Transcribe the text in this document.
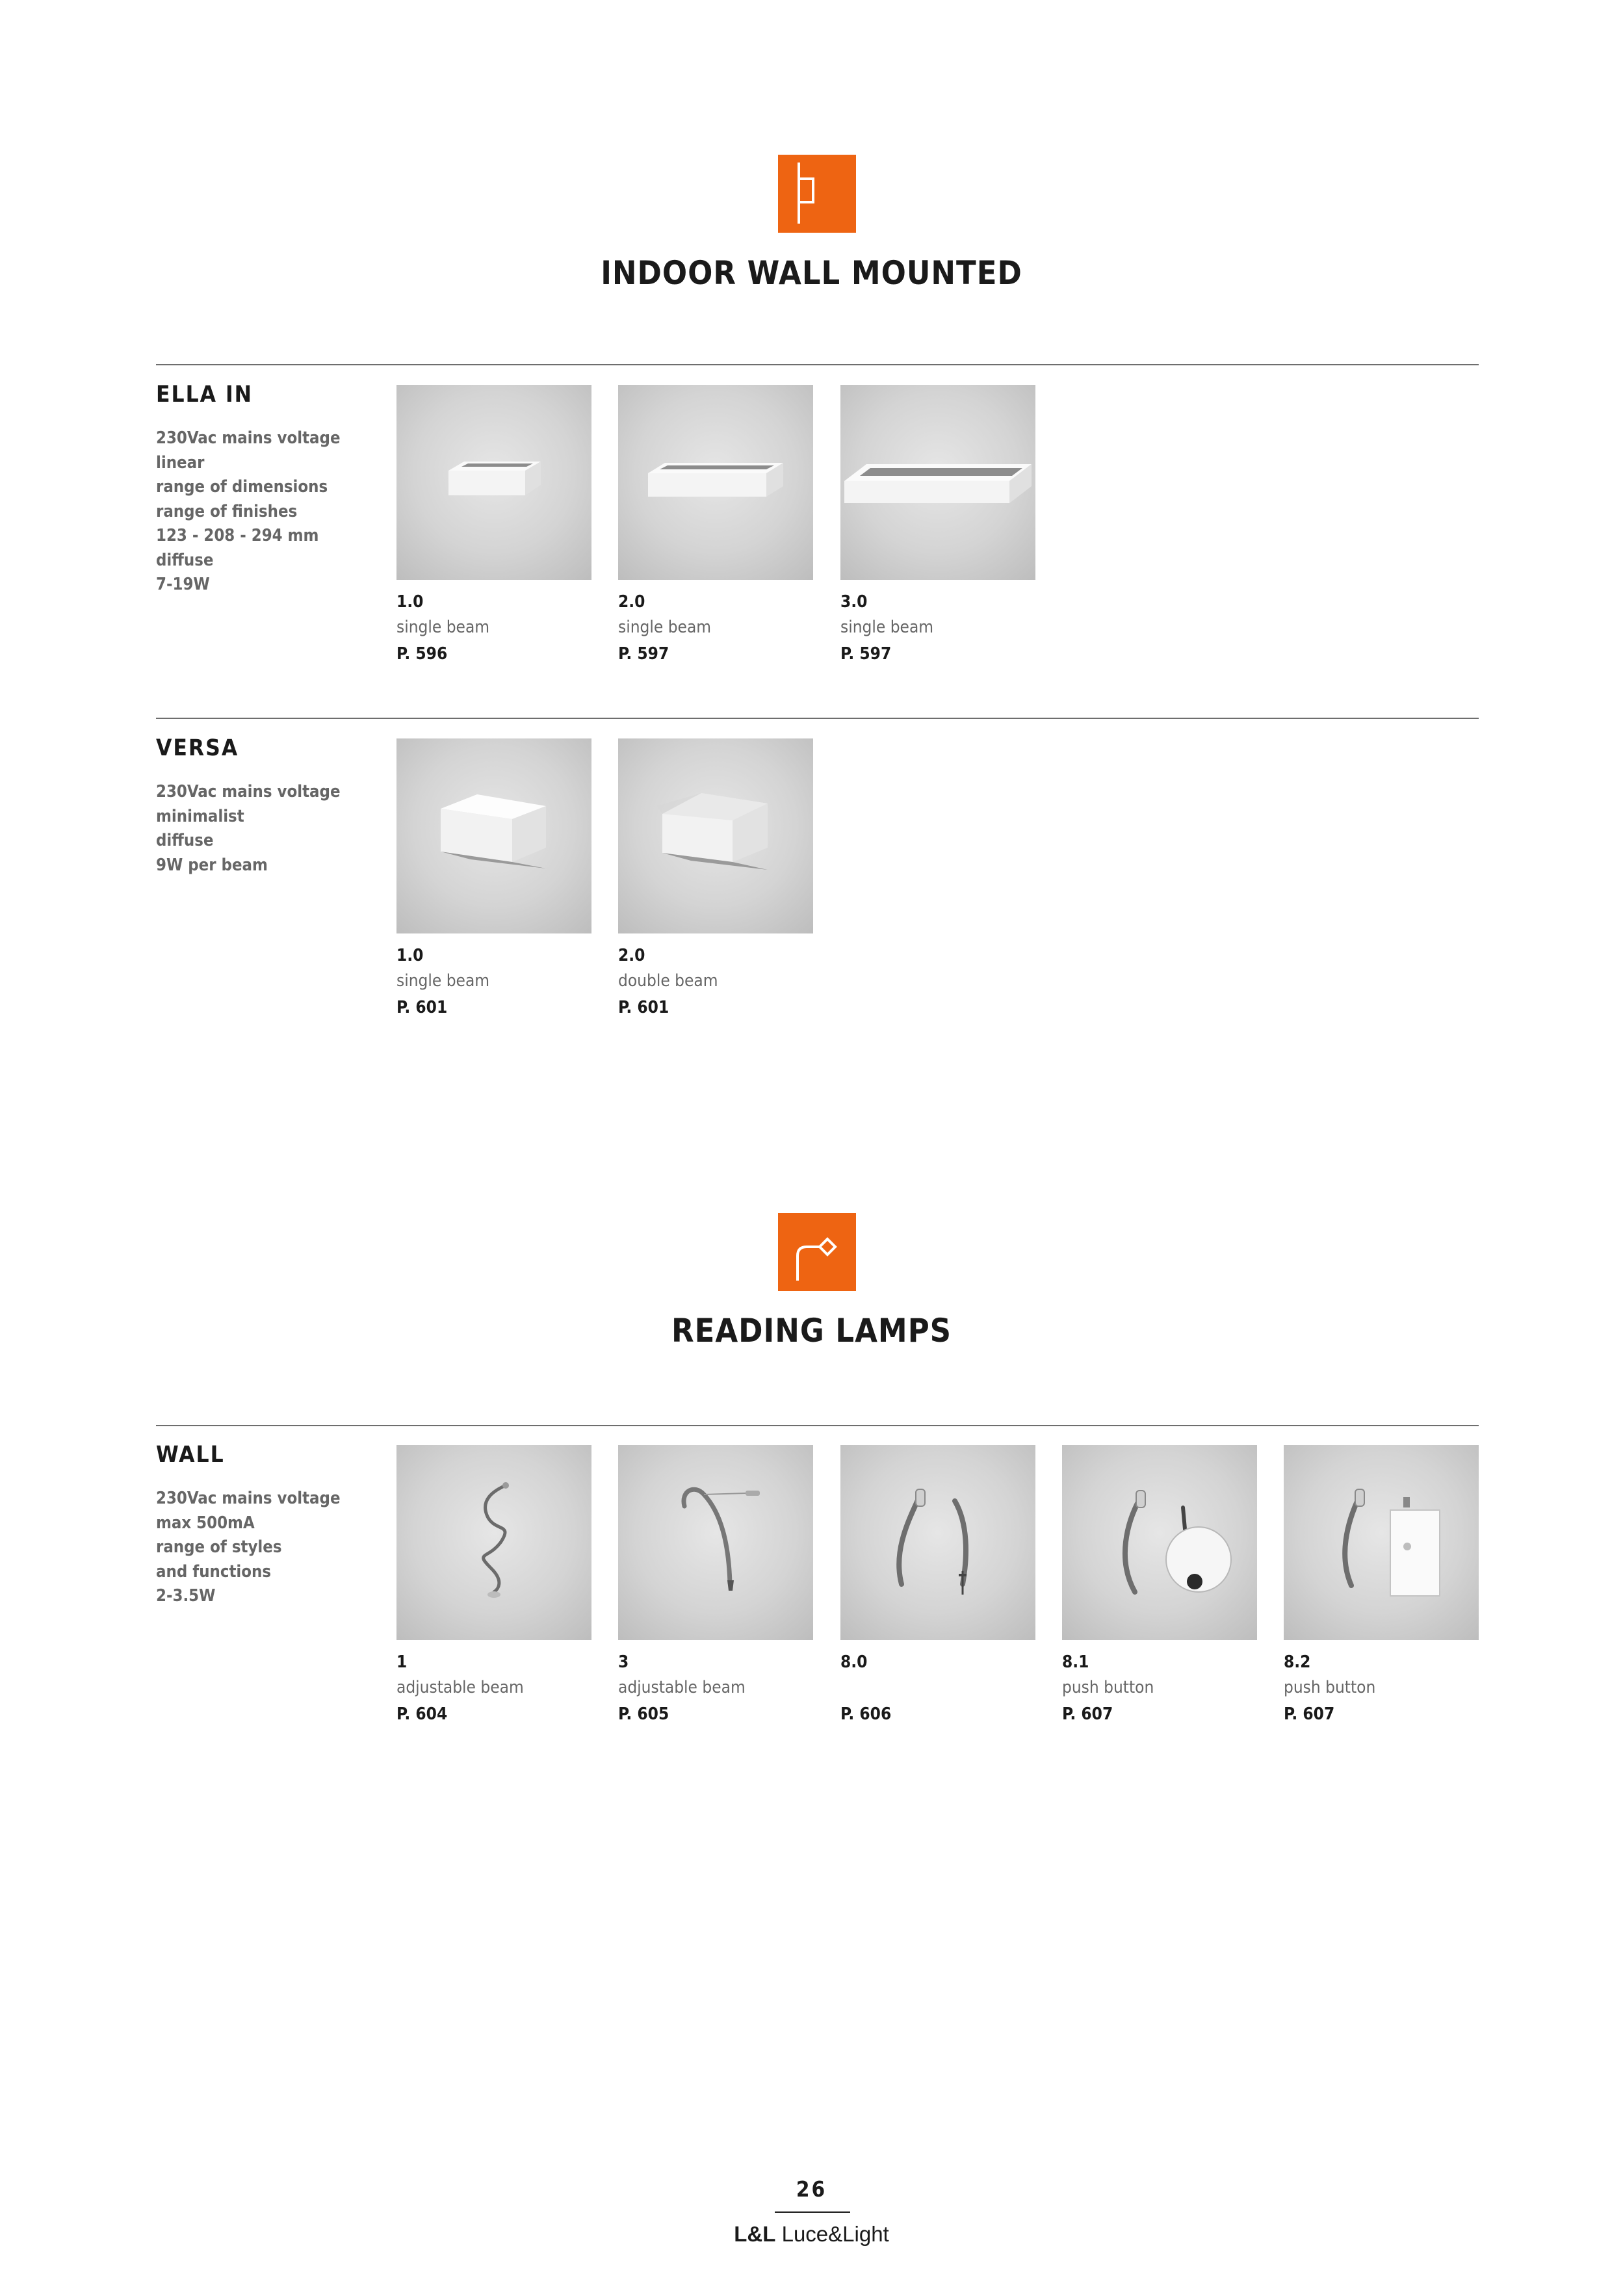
INDOOR WALL MOUNTED
ELLA IN
230Vac mains voltage
linear
range of dimensions
range of finishes
123 - 208 - 294 mm
diffuse
7-19W
1.0
single beam
P. 596
2.0
single beam
P. 597
3.0
single beam
P. 597
VERSA
230Vac mains voltage
minimalist
diffuse
9W per beam
1.0
single beam
P. 601
2.0
double beam
P. 601
READING LAMPS
WALL
230Vac mains voltage
max 500mA
range of styles
and functions
2-3.5W
1
adjustable beam
P. 604
3
adjustable beam
P. 605
8.0
P. 606
8.1
push button
P. 607
8.2
push button
P. 607
26
L&L Luce&Light
